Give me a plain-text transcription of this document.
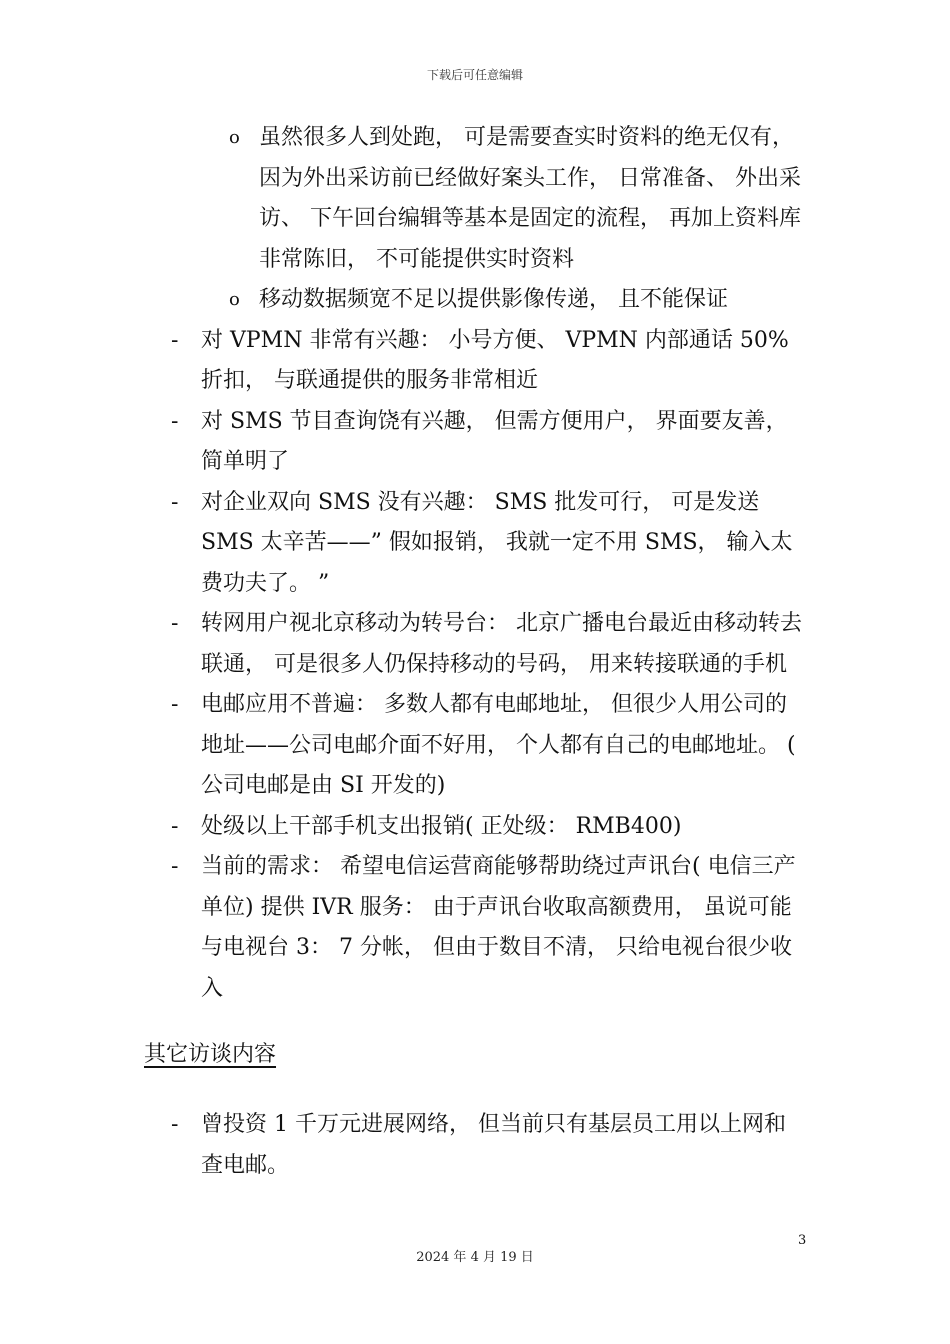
下载后可任意编辑
o 虽然很多人到处跑， 可是需要查实时资料的绝无仅有， 因为外出采访前已经做好案头工作， 日常准备、 外出采访、 下午回台编辑等基本是固定的流程， 再加上资料库非常陈旧， 不可能提供实时资料
o 移动数据频宽不足以提供影像传递， 且不能保证
- 对 VPMN 非常有兴趣： 小号方便、 VPMN 内部通话 50%折扣， 与联通提供的服务非常相近
- 对 SMS 节目查询饶有兴趣， 但需方便用户， 界面要友善， 简单明了
- 对企业双向 SMS 没有兴趣： SMS 批发可行， 可是发送 SMS 太辛苦——” 假如报销， 我就一定不用 SMS， 输入太费功夫了。 ”
- 转网用户视北京移动为转号台： 北京广播电台最近由移动转去联通， 可是很多人仍保持移动的号码， 用来转接联通的手机
- 电邮应用不普遍： 多数人都有电邮地址， 但很少人用公司的地址——公司电邮介面不好用， 个人都有自己的电邮地址。 ( 公司电邮是由 SI 开发的)
- 处级以上干部手机支出报销( 正处级： RMB400)
- 当前的需求： 希望电信运营商能够帮助绕过声讯台( 电信三产单位) 提供 IVR 服务： 由于声讯台收取高额费用， 虽说可能与电视台 3： 7 分帐， 但由于数目不清， 只给电视台很少收入
其它访谈内容
- 曾投资 1 千万元进展网络， 但当前只有基层员工用以上网和查电邮。
3
2024 年 4 月 19 日
